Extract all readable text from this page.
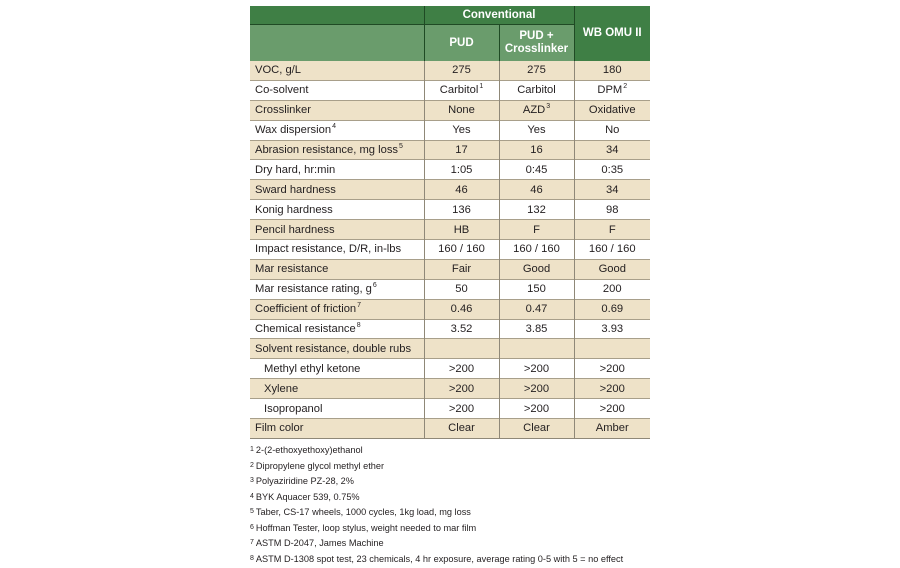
	Conventional		WB OMU II
	PUD	PUD +
Crosslinker	
VOC, g/L	275	275	180
Co-solvent	Carbitol$^1$	Carbitol	DPM$^2$
Crosslinker	None	AZD$^3$	Oxidative
Wax dispersion$^4$	Yes	Yes	No
Abrasion resistance, mg loss$^5$	17	16	34
Dry hard, hr:min	1:05	0:45	0:35
Sward hardness	46	46	34
Konig hardness	136	132	98
Pencil hardness	HB	F	F
Impact resistance, D/R, in-lbs	160 / 160	160 / 160	160 / 160
Mar resistance	Fair	Good	Good
Mar resistance rating, $g^6$	50	150	200
Coefficient of friction$^7$	0.46	0.47	0.69
Chemical resistance$^8$	3.52	3.85	3.93
Solvent resistance, double rubs			
Methyl ethyl ketone	>200	>200	>200
Xylene	>200	>200	>200
Isopropanol	>200	>200	>200
Film color	Clear	Clear	Amber
$^1$ 2-(2-ethoxyethoxy)ethanol
$^2$ Dipropylene glycol methyl ether
$^3$ Polyaziridine PZ-28, 2%
$^4$ BYK Aquacer 539, 0.75%
$^5$ Taber, CS-17 wheels, 1000 cycles, 1kg load, mg loss
$^6$ Hoffman Tester, loop stylus, weight needed to mar film
$^7$ ASTM D-2047, James Machine
$^8$ ASTM D-1308 spot test, 23 chemicals, 4 hr exposure, average rating 0-5 with 5 = no effect
